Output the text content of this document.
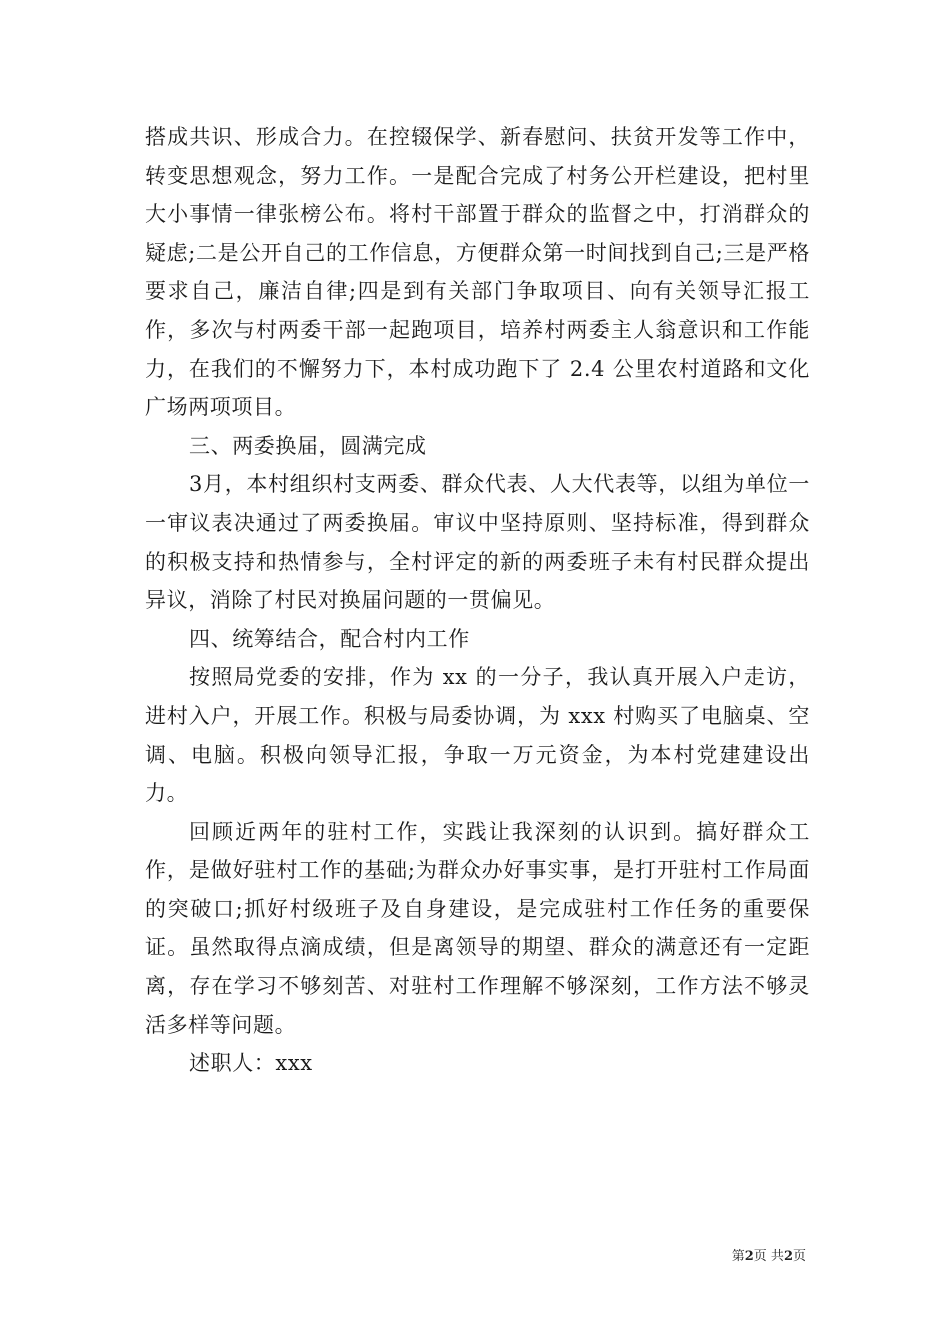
搭成共识、形成合力。在控辍保学、新春慰问、扶贫开发等工作中，转变思想观念，努力工作。一是配合完成了村务公开栏建设，把村里大小事情一律张榜公布。将村干部置于群众的监督之中，打消群众的疑虑;二是公开自己的工作信息，方便群众第一时间找到自己;三是严格要求自己，廉洁自律;四是到有关部门争取项目、向有关领导汇报工作，多次与村两委干部一起跑项目，培养村两委主人翁意识和工作能力，在我们的不懈努力下，本村成功跑下了 2.4 公里农村道路和文化广场两项项目。

三、两委换届，圆满完成

3月，本村组织村支两委、群众代表、人大代表等，以组为单位一一审议表决通过了两委换届。审议中坚持原则、坚持标准，得到群众的积极支持和热情参与，全村评定的新的两委班子未有村民群众提出异议，消除了村民对换届问题的一贯偏见。

四、统筹结合，配合村内工作

按照局党委的安排，作为 xx 的一分子，我认真开展入户走访，进村入户，开展工作。积极与局委协调，为 xxx 村购买了电脑桌、空调、电脑。积极向领导汇报，争取一万元资金，为本村党建建设出力。

回顾近两年的驻村工作，实践让我深刻的认识到。搞好群众工作，是做好驻村工作的基础;为群众办好事实事，是打开驻村工作局面的突破口;抓好村级班子及自身建设，是完成驻村工作任务的重要保证。虽然取得点滴成绩，但是离领导的期望、群众的满意还有一定距离，存在学习不够刻苦、对驻村工作理解不够深刻，工作方法不够灵活多样等问题。

述职人：xxx

第2页 共2页
